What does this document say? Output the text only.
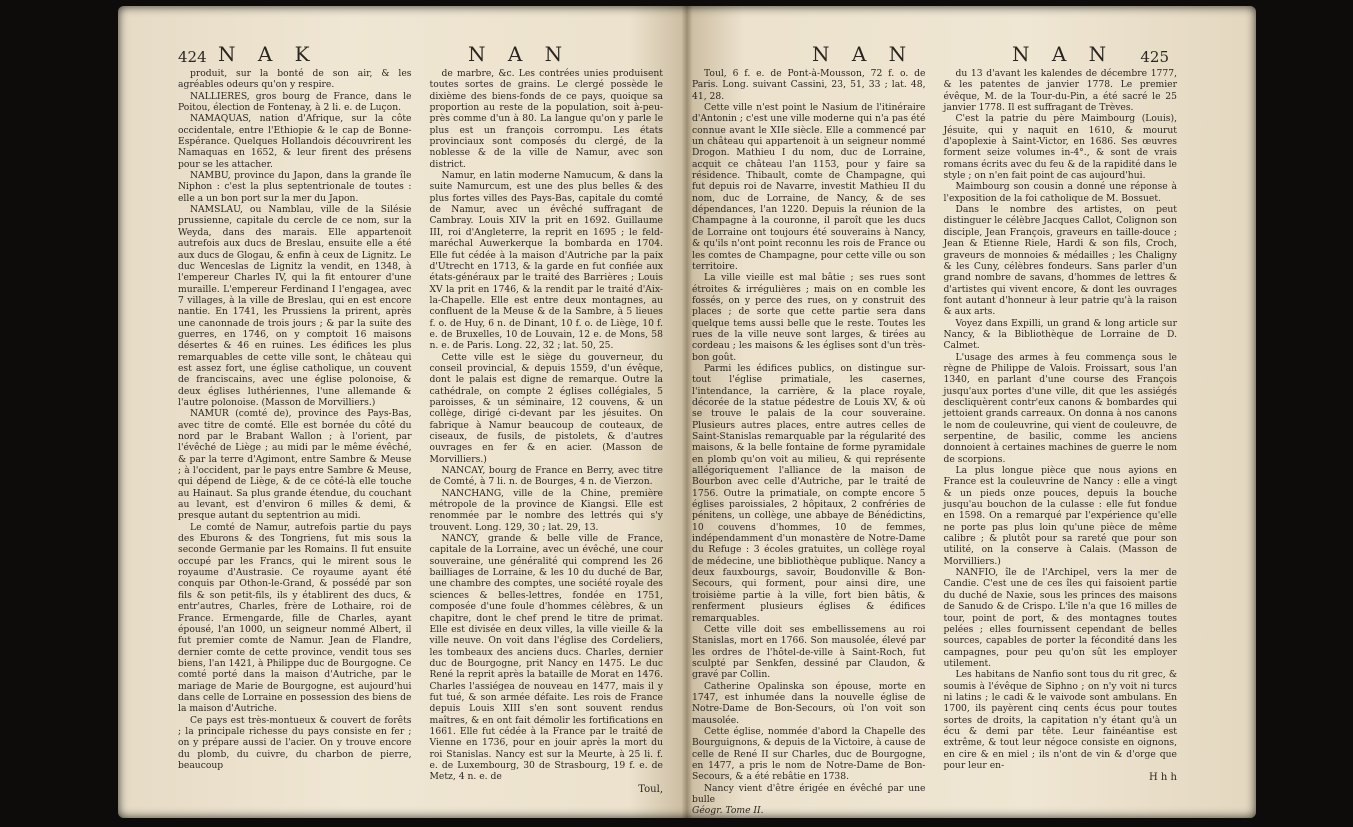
424 N A K	N A N

produit, sur la bonté de son air, & les agréables odeurs qu'on y respire.

NALLIERES, gros bourg de France, dans le Poitou, élection de Fontenay, à 2 li. e. de Luçon.

NAMAQUAS, nation d'Afrique, sur la côte occidentale, entre l'Ethiopie & le cap de Bonne-Espérance. Quelques Hollandois découvrirent les Namaquas en 1652, & leur firent des présens pour se les attacher.

NAMBU, province du Japon, dans la grande île Niphon : c'est la plus septentrionale de toutes : elle a un bon port sur la mer du Japon.

NAMSLAU, ou Namblau, ville de la Silésie prussienne, capitale du cercle de ce nom, sur la Weyda, dans des marais. Elle appartenoit autrefois aux ducs de Breslau, ensuite elle a été aux ducs de Glogau, & enfin à ceux de Lignitz. Le duc Wenceslas de Lignitz la vendit, en 1348, à l'empereur Charles IV, qui la fit entourer d'une muraille. L'empereur Ferdinand I l'engagea, avec 7 villages, à la ville de Breslau, qui en est encore nantie. En 1741, les Prussiens la prirent, après une canonnade de trois jours ; & par la suite des guerres, en 1746, on y comptoit 16 maisons désertes & 46 en ruines. Les édifices les plus remarquables de cette ville sont, le château qui est assez fort, une église catholique, un couvent de franciscains, avec une église polonoise, & deux églises luthériennes, l'une allemande & l'autre polonoise. (Masson de Morvilliers.)

NAMUR (comté de), province des Pays-Bas, avec titre de comté. Elle est bornée du côté du nord par le Brabant Wallon ; à l'orient, par l'évêché de Liège ; au midi par le même évêché, & par la terre d'Agimont, entre Sambre & Meuse ; à l'occident, par le pays entre Sambre & Meuse, qui dépend de Liège, & de ce côté-là elle touche au Hainaut. Sa plus grande étendue, du couchant au levant, est d'environ 6 milles & demi, & presque autant du septentrion au midi.

Le comté de Namur, autrefois partie du pays des Eburons & des Tongriens, fut mis sous la seconde Germanie par les Romains. Il fut ensuite occupé par les Francs, qui le mirent sous le royaume d'Austrasie. Ce royaume ayant été conquis par Othon-le-Grand, & possédé par son fils & son petit-fils, ils y établirent des ducs, & entr'autres, Charles, frère de Lothaire, roi de France. Ermengarde, fille de Charles, ayant épousé, l'an 1000, un seigneur nommé Albert, il fut premier comte de Namur. Jean de Flandre, dernier comte de cette province, vendit tous ses biens, l'an 1421, à Philippe duc de Bourgogne. Ce comté porté dans la maison d'Autriche, par le mariage de Marie de Bourgogne, est aujourd'hui dans celle de Lorraine en possession des biens de la maison d'Autriche.

Ce pays est très-montueux & couvert de forêts ; la principale richesse du pays consiste en fer ; on y prépare aussi de l'acier. On y trouve encore du plomb, du cuivre, du charbon de pierre, beaucoup

de marbre, &c. Les contrées unies produisent toutes sortes de grains. Le clergé possède le dixième des biens-fonds de ce pays, quoique sa proportion au reste de la population, soit à-peu-près comme d'un à 80. La langue qu'on y parle le plus est un françois corrompu. Les états provinciaux sont composés du clergé, de la noblesse & de la ville de Namur, avec son district.

Namur, en latin moderne Namucum, & dans la suite Namurcum, est une des plus belles & des plus fortes villes des Pays-Bas, capitale du comté de Namur, avec un évêché suffragant de Cambray. Louis XIV la prit en 1692. Guillaume III, roi d'Angleterre, la reprit en 1695 ; le feld-maréchal Auwerkerque la bombarda en 1704. Elle fut cédée à la maison d'Autriche par la paix d'Utrecht en 1713, & la garde en fut confiée aux états-généraux par le traité des Barrières ; Louis XV la prit en 1746, & la rendit par le traité d'Aix-la-Chapelle. Elle est entre deux montagnes, au confluent de la Meuse & de la Sambre, à 5 lieues f. o. de Huy, 6 n. de Dinant, 10 f. o. de Liège, 10 f. e. de Bruxelles, 10 de Louvain, 12 e. de Mons, 58 n. e. de Paris. Long. 22, 32 ; lat. 50, 25.

Cette ville est le siège du gouverneur, du conseil provincial, & depuis 1559, d'un évêque, dont le palais est digne de remarque. Outre la cathédrale, on compte 2 églises collégiales, 5 paroisses, & un séminaire, 12 couvens, & un collège, dirigé ci-devant par les jésuites. On fabrique à Namur beaucoup de couteaux, de ciseaux, de fusils, de pistolets, & d'autres ouvrages en fer & en acier. (Masson de Morvilliers.)

NANCAY, bourg de France en Berry, avec titre de Comté, à 7 li. n. de Bourges, 4 n. de Vierzon.

NANCHANG, ville de la Chine, première métropole de la province de Kiangsi. Elle est renommée par le nombre des lettrés qui s'y trouvent. Long. 129, 30 ; lat. 29, 13.

NANCY, grande & belle ville de France, capitale de la Lorraine, avec un évêché, une cour souveraine, une généralité qui comprend les 26 bailliages de Lorraine, & les 10 du duché de Bar, une chambre des comptes, une société royale des sciences & belles-lettres, fondée en 1751, composée d'une foule d'hommes célèbres, & un chapitre, dont le chef prend le titre de primat. Elle est divisée en deux villes, la ville vieille & la ville neuve. On voit dans l'église des Cordeliers, les tombeaux des anciens ducs. Charles, dernier duc de Bourgogne, prit Nancy en 1475. Le duc René la reprit après la bataille de Morat en 1476. Charles l'assiégea de nouveau en 1477, mais il y fut tué, & son armée défaite. Les rois de France depuis Louis XIII s'en sont souvent rendus maîtres, & en ont fait démolir les fortifications en 1661. Elle fut cédée à la France par le traité de Vienne en 1736, pour en jouir après la mort du roi Stanislas. Nancy est sur la Meurte, à 25 li. f. e. de Luxembourg, 30 de Strasbourg, 19 f. e. de Metz, 4 n. e. de

Toul,
N A N	N A N 425

Toul, 6 f. e. de Pont-à-Mousson, 72 f. o. de Paris. Long. suivant Cassini, 23, 51, 33 ; lat. 48, 41, 28.

Cette ville n'est point le Nasium de l'itinéraire d'Antonin ; c'est une ville moderne qui n'a pas été connue avant le XIIe siècle. Elle a commencé par un château qui appartenoit à un seigneur nommé Drogon. Mathieu I du nom, duc de Lorraine, acquit ce château l'an 1153, pour y faire sa résidence. Thibault, comte de Champagne, qui fut depuis roi de Navarre, investit Mathieu II du nom, duc de Lorraine, de Nancy, & de ses dépendances, l'an 1220. Depuis la réunion de la Champagne à la couronne, il paroît que les ducs de Lorraine ont toujours été souverains à Nancy, & qu'ils n'ont point reconnu les rois de France ou les comtes de Champagne, pour cette ville ou son territoire.

La ville vieille est mal bâtie ; ses rues sont étroites & irrégulières ; mais on en comble les fossés, on y perce des rues, on y construit des places ; de sorte que cette partie sera dans quelque tems aussi belle que le reste. Toutes les rues de la ville neuve sont larges, & tirées au cordeau ; les maisons & les églises sont d'un très-bon goût.

Parmi les édifices publics, on distingue sur-tout l'église primatiale, les casernes, l'intendance, la carrière, & la place royale, décorée de la statue pédestre de Louis XV, & où se trouve le palais de la cour souveraine. Plusieurs autres places, entre autres celles de Saint-Stanislas remarquable par la régularité des maisons, & la belle fontaine de forme pyramidale en plomb qu'on voit au milieu, & qui représente allégoriquement l'alliance de la maison de Bourbon avec celle d'Autriche, par le traité de 1756. Outre la primatiale, on compte encore 5 églises paroissiales, 2 hôpitaux, 2 confréries de pénitens, un collège, une abbaye de Bénédictins, 10 couvens d'hommes, 10 de femmes, indépendamment d'un monastère de Notre-Dame du Refuge : 3 écoles gratuites, un collège royal de médecine, une bibliothèque publique. Nancy a deux fauxbourgs, savoir, Boudonville & Bon-Secours, qui forment, pour ainsi dire, une troisième partie à la ville, fort bien bâtis, & renferment plusieurs églises & édifices remarquables.

Cette ville doit ses embellissemens au roi Stanislas, mort en 1766. Son mausolée, élevé par les ordres de l'hôtel-de-ville à Saint-Roch, fut sculpté par Senkfen, dessiné par Claudon, & gravé par Collin.

Catherine Opalinska son épouse, morte en 1747, est inhumée dans la nouvelle église de Notre-Dame de Bon-Secours, où l'on voit son mausolée.

Cette église, nommée d'abord la Chapelle des Bourguignons, & depuis de la Victoire, à cause de celle de René II sur Charles, duc de Bourgogne, en 1477, a pris le nom de Notre-Dame de Bon-Secours, & a été rebâtie en 1738.

Nancy vient d'être érigée en évêché par une bulle

Géogr. Tome II.

du 13 d'avant les kalendes de décembre 1777, & les patentes de janvier 1778. Le premier évêque, M. de la Tour-du-Pin, a été sacré le 25 janvier 1778. Il est suffragant de Trèves.

C'est la patrie du père Maimbourg (Louis), Jésuite, qui y naquit en 1610, & mourut d'apoplexie à Saint-Victor, en 1686. Ses œuvres forment seize volumes in-4°., & sont de vrais romans écrits avec du feu & de la rapidité dans le style ; on n'en fait point de cas aujourd'hui.

Maimbourg son cousin a donné une réponse à l'exposition de la foi catholique de M. Bossuet.

Dans le nombre des artistes, on peut distinguer le célèbre Jacques Callot, Colignon son disciple, Jean François, graveurs en taille-douce ; Jean & Etienne Riele, Hardi & son fils, Croch, graveurs de monnoies & médailles ; les Chaligny & les Cuny, célèbres fondeurs. Sans parler d'un grand nombre de savans, d'hommes de lettres & d'artistes qui vivent encore, & dont les ouvrages font autant d'honneur à leur patrie qu'à la raison & aux arts.

Voyez dans Expilli, un grand & long article sur Nancy, & la Bibliothèque de Lorraine de D. Calmet.

L'usage des armes à feu commença sous le règne de Philippe de Valois. Froissart, sous l'an 1340, en parlant d'une course des François jusqu'aux portes d'une ville, dit que les assiégés descliquèrent contr'eux canons & bombardes qui jettoient grands carreaux. On donna à nos canons le nom de couleuvrine, qui vient de couleuvre, de serpentine, de basilic, comme les anciens donnoient à certaines machines de guerre le nom de scorpions.

La plus longue pièce que nous ayions en France est la couleuvrine de Nancy : elle a vingt & un pieds onze pouces, depuis la bouche jusqu'au bouchon de la culasse : elle fut fondue en 1598. On a remarqué par l'expérience qu'elle ne porte pas plus loin qu'une pièce de même calibre ; & plutôt pour sa rareté que pour son utilité, on la conserve à Calais. (Masson de Morvilliers.)

NANFIO, île de l'Archipel, vers la mer de Candie. C'est une de ces îles qui faisoient partie du duché de Naxie, sous les princes des maisons de Sanudo & de Crispo. L'île n'a que 16 milles de tour, point de port, & des montagnes toutes pelées ; elles fournissent cependant de belles sources, capables de porter la fécondité dans les campagnes, pour peu qu'on sût les employer utilement.

Les habitans de Nanfio sont tous du rit grec, & soumis à l'évêque de Siphno ; on n'y voit ni turcs ni latins ; le cadi & le vaivode sont ambulans. En 1700, ils payèrent cinq cents écus pour toutes sortes de droits, la capitation n'y étant qu'à un écu & demi par tête. Leur fainéantise est extrême, & tout leur négoce consiste en oignons, en cire & en miel ; ils n'ont de vin & d'orge que pour leur en-

H h h
